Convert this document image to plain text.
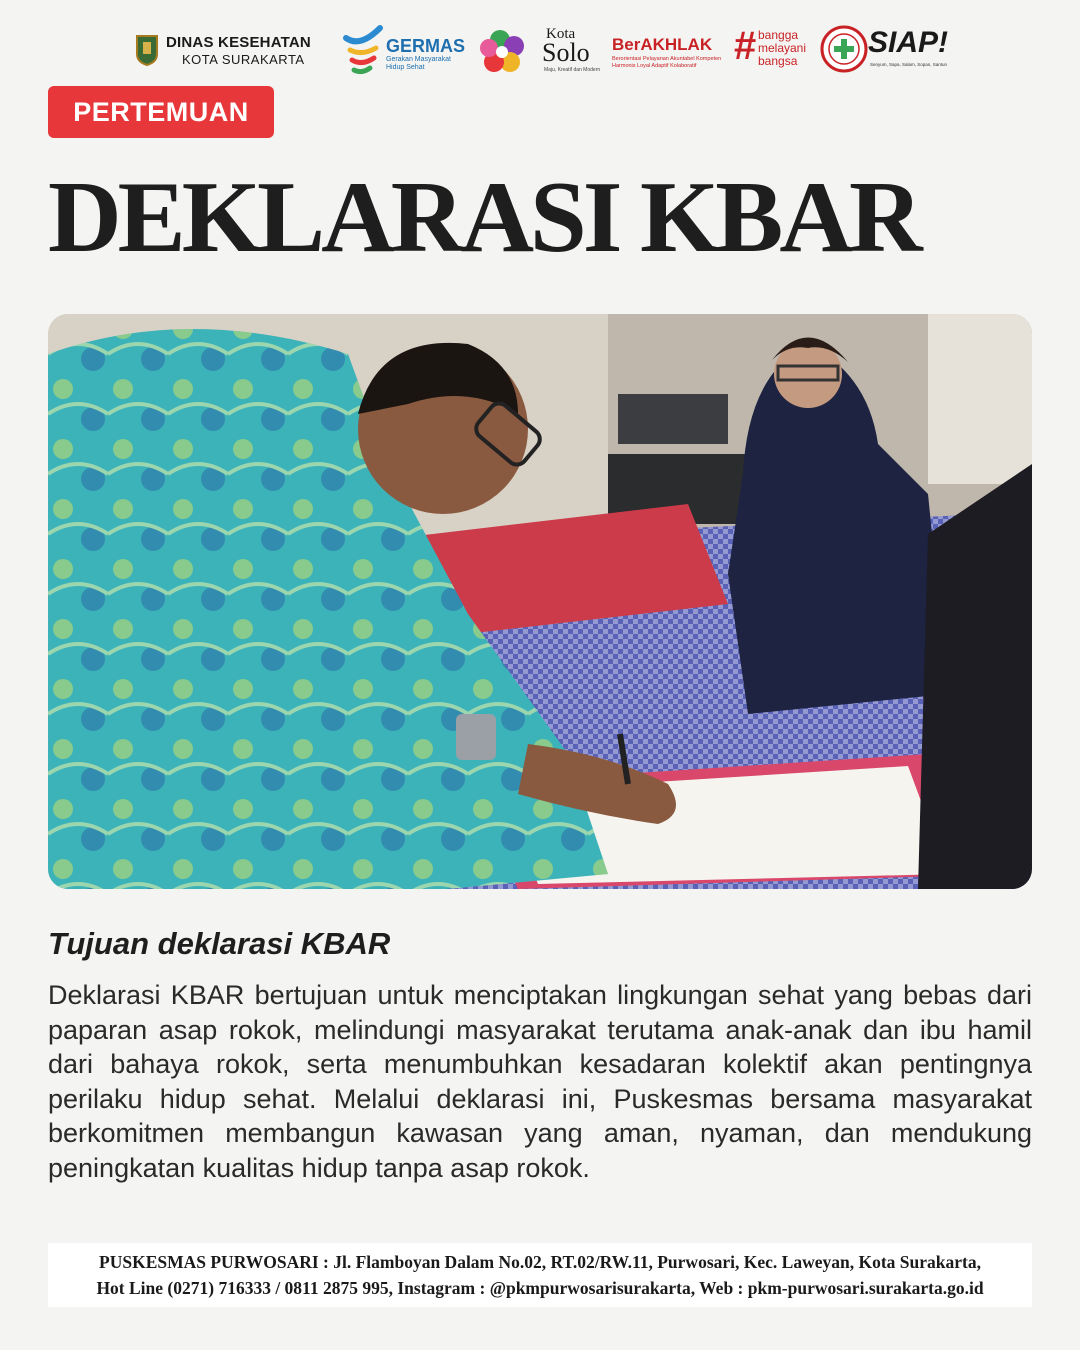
DINAS KESEHATAN
KOTA SURAKARTA
GERMAS
Gerakan Masyarakat Hidup Sehat
Kota
Solo
Maju, Kreatif dan Modern
BerAKHLAK
Berorientasi Pelayanan Akuntabel Kompeten Harmonis Loyal Adaptif Kolaboratif # bangga
melayani
bangsa
SIAP!
Senyum, Sapa, Salam, Sopan, Santun
PERTEMUAN
DEKLARASI KBAR
Tujuan deklarasi KBAR
Deklarasi KBAR bertujuan untuk menciptakan lingkungan sehat yang bebas dari paparan asap rokok, melindungi masyarakat terutama anak-anak dan ibu hamil dari bahaya rokok, serta menumbuhkan kesadaran kolektif akan pentingnya perilaku hidup sehat. Melalui deklarasi ini, Puskesmas bersama masyarakat berkomitmen membangun kawasan yang aman, nyaman, dan mendukung peningkatan kualitas hidup tanpa asap rokok.
PUSKESMAS PURWOSARI : Jl. Flamboyan Dalam No.02, RT.02/RW.11, Purwosari, Kec. Laweyan, Kota Surakarta,
Hot Line (0271) 716333 / 0811 2875 995, Instagram : @pkmpurwosarisurakarta, Web : pkm-purwosari.surakarta.go.id
